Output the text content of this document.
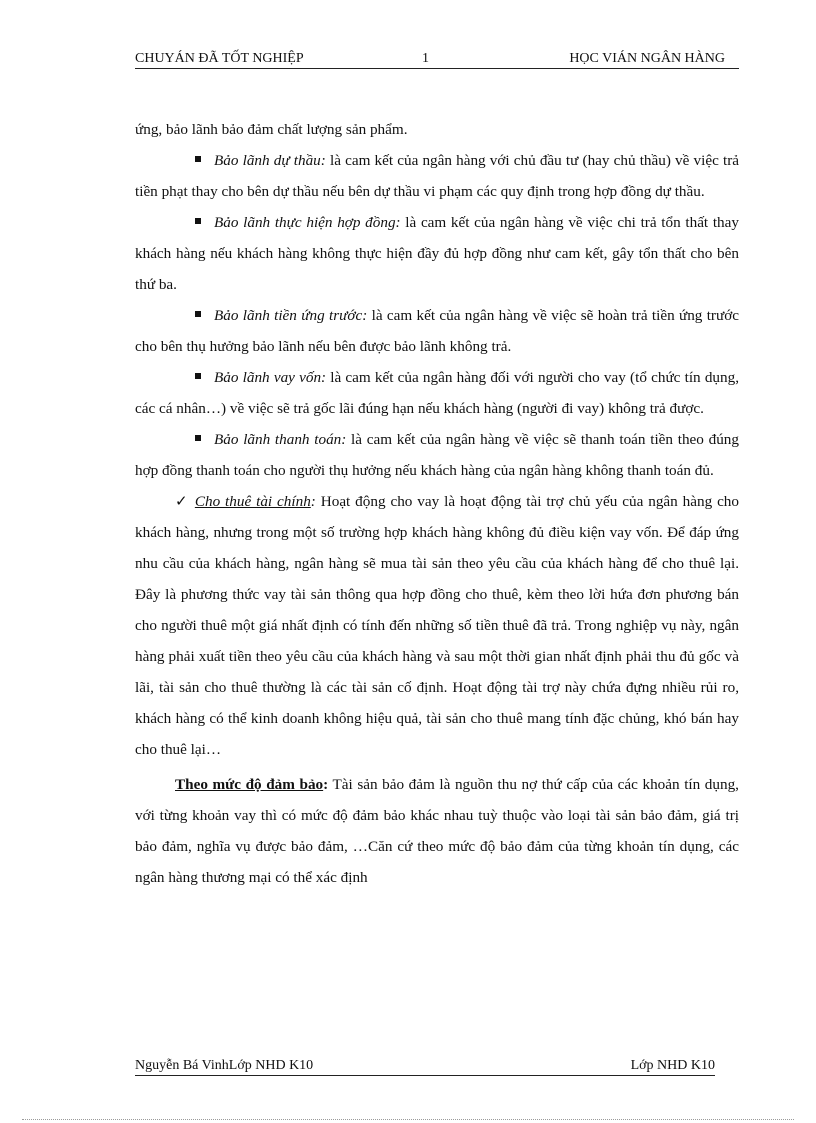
CHUYÁN ĐÃ TỐT NGHIỆP	1	HỌC VIÁN NGÂN HÀNG

ứng, bảo lãnh bảo đảm chất lượng sản phẩm.

Bảo lãnh dự thầu: là cam kết của ngân hàng với chủ đầu tư (hay chủ thầu) về việc trả tiền phạt thay cho bên dự thầu nếu bên dự thầu vi phạm các quy định trong hợp đồng dự thầu.

Bảo lãnh thực hiện hợp đồng: là cam kết của ngân hàng về việc chi trả tổn thất thay khách hàng nếu khách hàng không thực hiện đầy đủ hợp đồng như cam kết, gây tổn thất cho bên thứ ba.

Bảo lãnh tiền ứng trước: là cam kết của ngân hàng về việc sẽ hoàn trả tiền ứng trước cho bên thụ hưởng bảo lãnh nếu bên được bảo lãnh không trả.

Bảo lãnh vay vốn: là cam kết của ngân hàng đối với người cho vay (tổ chức tín dụng, các cá nhân…) về việc sẽ trả gốc lãi đúng hạn nếu khách hàng (người đi vay) không trả được.

Bảo lãnh thanh toán: là cam kết của ngân hàng về việc sẽ thanh toán tiền theo đúng hợp đồng thanh toán cho người thụ hưởng nếu khách hàng của ngân hàng không thanh toán đủ.

✓ Cho thuê tài chính: Hoạt động cho vay là hoạt động tài trợ chủ yếu của ngân hàng cho khách hàng, nhưng trong một số trường hợp khách hàng không đủ điều kiện vay vốn. Để đáp ứng nhu cầu của khách hàng, ngân hàng sẽ mua tài sản theo yêu cầu của khách hàng để cho thuê lại. Đây là phương thức vay tài sản thông qua hợp đồng cho thuê, kèm theo lời hứa đơn phương bán cho người thuê một giá nhất định có tính đến những số tiền thuê đã trả. Trong nghiệp vụ này, ngân hàng phải xuất tiền theo yêu cầu của khách hàng và sau một thời gian nhất định phải thu đủ gốc và lãi, tài sản cho thuê thường là các tài sản cố định. Hoạt động tài trợ này chứa đựng nhiều rủi ro, khách hàng có thể kinh doanh không hiệu quả, tài sản cho thuê mang tính đặc chủng, khó bán hay cho thuê lại…

Theo mức độ đảm bảo: Tài sản bảo đảm là nguồn thu nợ thứ cấp của các khoản tín dụng, với từng khoản vay thì có mức độ đảm bảo khác nhau tuỳ thuộc vào loại tài sản bảo đảm, giá trị bảo đảm, nghĩa vụ được bảo đảm, …Căn cứ theo mức độ bảo đảm của từng khoản tín dụng, các ngân hàng thương mại có thể xác định

Nguyễn Bá VinhLớp NHD K10	Lớp NHD K10
